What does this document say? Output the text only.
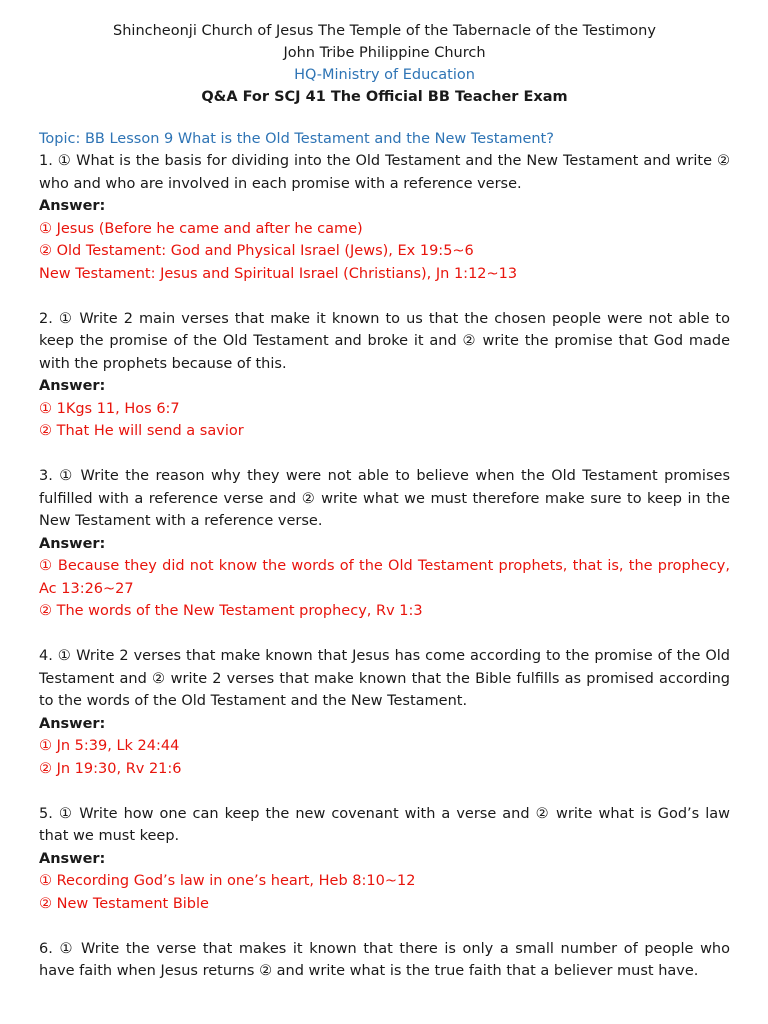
Shincheonji Church of Jesus The Temple of the Tabernacle of the Testimony
John Tribe Philippine Church
HQ-Ministry of Education
Q&A For SCJ 41 The Official BB Teacher Exam
Topic: BB Lesson 9 What is the Old Testament and the New Testament?
1. ① What is the basis for dividing into the Old Testament and the New Testament and write ② who and who are involved in each promise with a reference verse.
Answer:
① Jesus (Before he came and after he came)
② Old Testament: God and Physical Israel (Jews), Ex 19:5~6
New Testament: Jesus and Spiritual Israel (Christians), Jn 1:12~13
2. ① Write 2 main verses that make it known to us that the chosen people were not able to keep the promise of the Old Testament and broke it and ② write the promise that God made with the prophets because of this.
Answer:
① 1Kgs 11, Hos 6:7
② That He will send a savior
3. ① Write the reason why they were not able to believe when the Old Testament promises fulfilled with a reference verse and ② write what we must therefore make sure to keep in the New Testament with a reference verse.
Answer:
① Because they did not know the words of the Old Testament prophets, that is, the prophecy, Ac 13:26~27
② The words of the New Testament prophecy, Rv 1:3
4. ① Write 2 verses that make known that Jesus has come according to the promise of the Old Testament and ② write 2 verses that make known that the Bible fulfills as promised according to the words of the Old Testament and the New Testament.
Answer:
① Jn 5:39, Lk 24:44
② Jn 19:30, Rv 21:6
5. ① Write how one can keep the new covenant with a verse and ② write what is God’s law that we must keep.
Answer:
① Recording God’s law in one’s heart, Heb 8:10~12
② New Testament Bible
6. ① Write the verse that makes it known that there is only a small number of people who have faith when Jesus returns ② and write what is the true faith that a believer must have.
